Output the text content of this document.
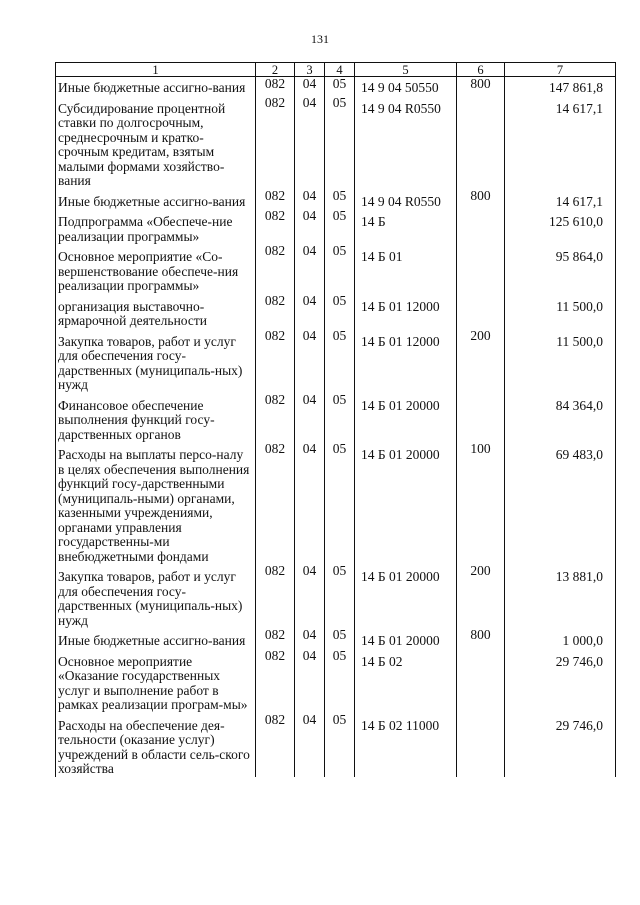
131
1	2	3	4	5	6	7
Иные бюджетные ассигно-вания	082	04	05	14 9 04 50550	800	147 861,8
Субсидирование процентной ставки по долгосрочным, среднесрочным и кратко-срочным кредитам, взятым малыми формами хозяйство-вания	082	04	05	14 9 04 R0550		14 617,1
Иные бюджетные ассигно-вания	082	04	05	14 9 04 R0550	800	14 617,1
Подпрограмма «Обеспече-ние реализации программы»	082	04	05	14 Б		125 610,0
Основное мероприятие «Со-вершенствование обеспече-ния реализации программы»	082	04	05	14 Б 01		95 864,0
организация выставочно-ярмарочной деятельности	082	04	05	14 Б 01 12000		11 500,0
Закупка товаров, работ и услуг для обеспечения госу-дарственных (муниципаль-ных) нужд	082	04	05	14 Б 01 12000	200	11 500,0
Финансовое обеспечение выполнения функций госу-дарственных органов	082	04	05	14 Б 01 20000		84 364,0
Расходы на выплаты персо-налу в целях обеспечения выполнения функций госу-дарственными (муниципаль-ными) органами, казенными учреждениями, органами управления государственны-ми внебюджетными фондами	082	04	05	14 Б 01 20000	100	69 483,0
Закупка товаров, работ и услуг для обеспечения госу-дарственных (муниципаль-ных) нужд	082	04	05	14 Б 01 20000	200	13 881,0
Иные бюджетные ассигно-вания	082	04	05	14 Б 01 20000	800	1 000,0
Основное мероприятие «Оказание государственных услуг и выполнение работ в рамках реализации програм-мы»	082	04	05	14 Б 02		29 746,0
Расходы на обеспечение дея-тельности (оказание услуг) учреждений в области сель-ского хозяйства	082	04	05	14 Б 02 11000		29 746,0
